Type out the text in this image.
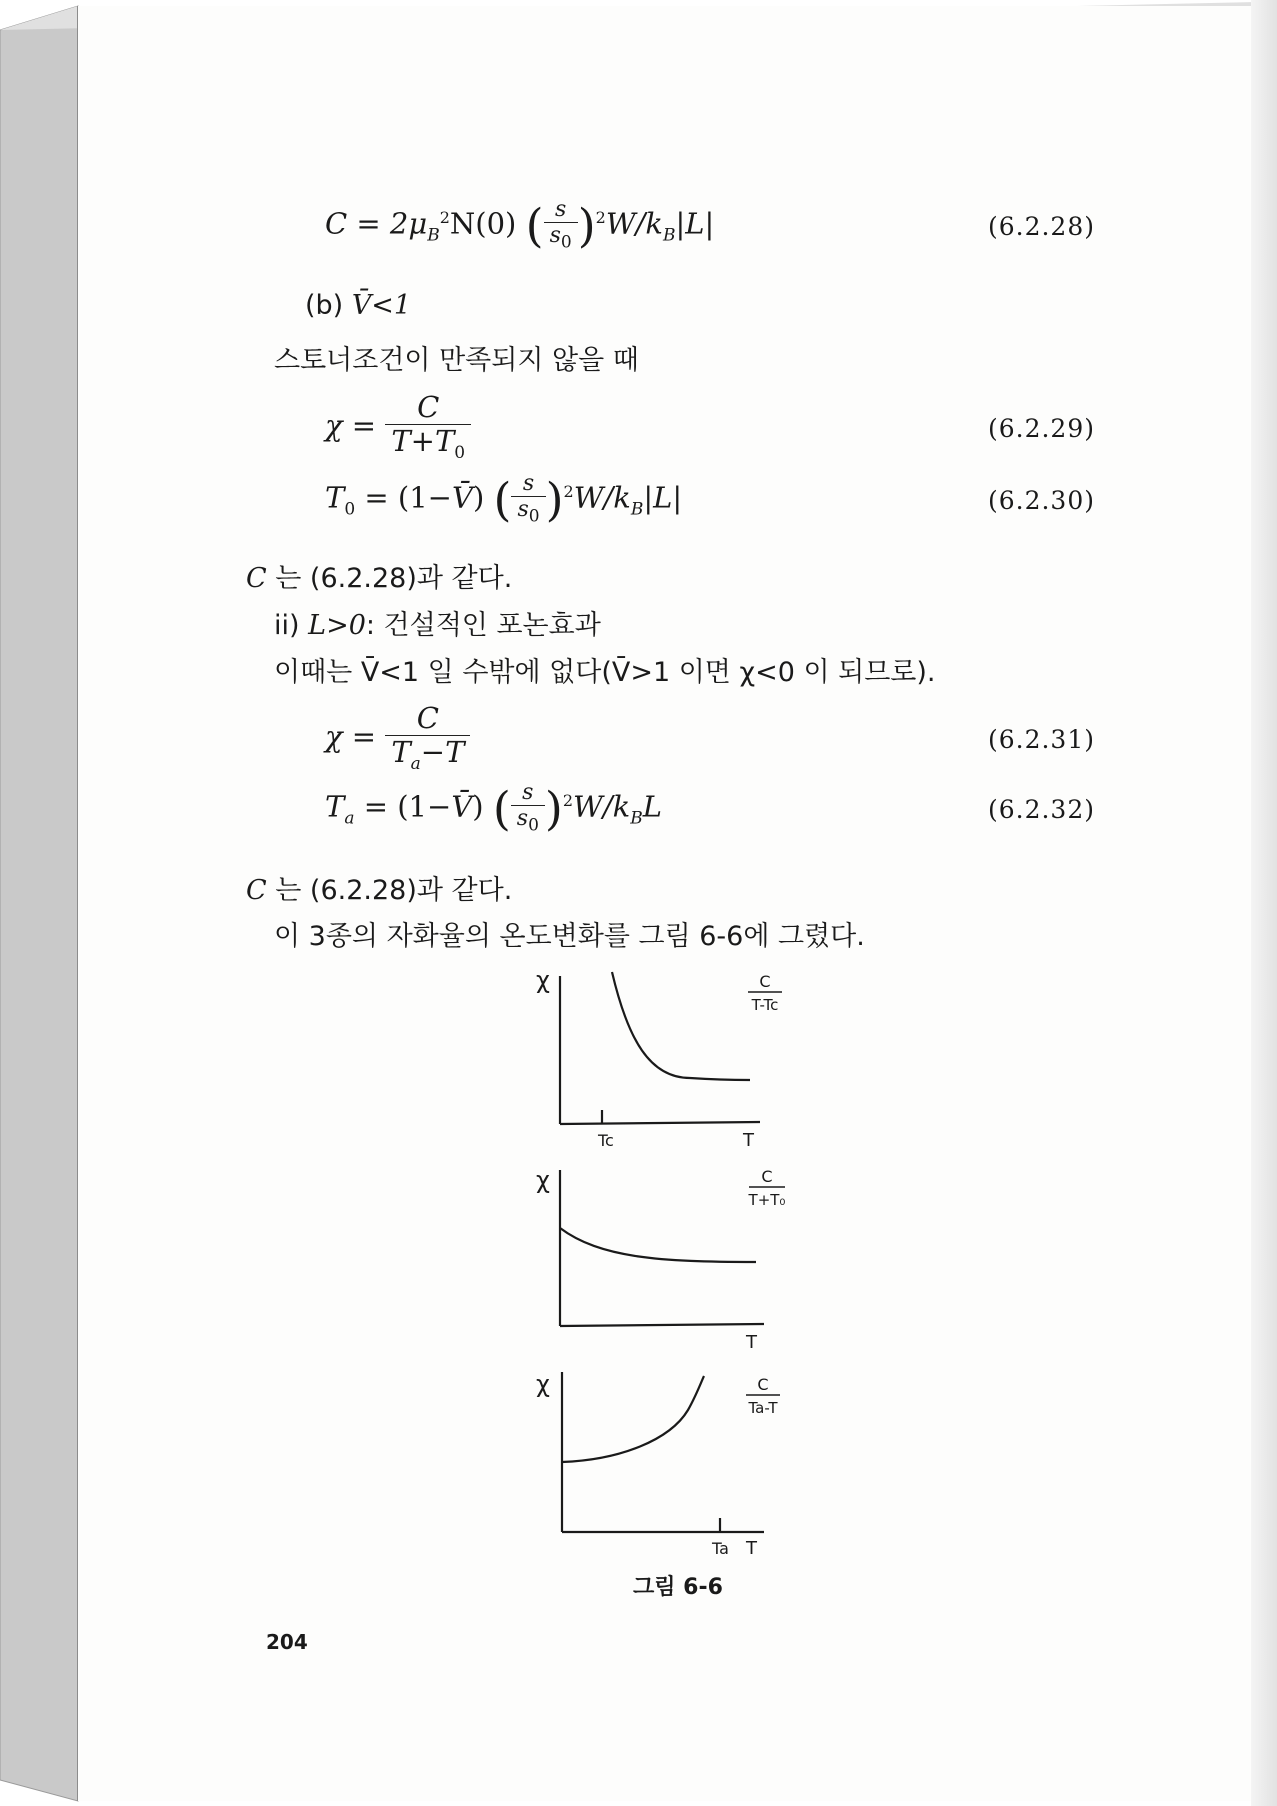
$C = 2\mu_B^2N(0)$ ( $\frac{s}{s_0} )^2W/k_B|L|$	(6.2.28)
(b) V̄<1
스토너조건이 만족되지 않을 때
$\chi = \frac{C}{T+T_0}$	(6.2.29)
$T_0$ = (1−V̄) ( $\frac{s}{s_0} )^2W/k_B|L|$	(6.2.30)
C 는 (6.2.28)과 같다.
ii) L>0: 건설적인 포논효과
이때는 V̄<1 일 수밖에 없다(V̄>1 이면 χ<0 이 되므로).
$\chi = \frac{C}{T_a-T}$	(6.2.31)
$T_a$ = (1−V̄) ( $\frac{s}{s_0} )^2W/k_BL$	(6.2.32)
C 는 (6.2.28)과 같다.
이 3종의 자화율의 온도변화를 그림 6-6에 그렸다.
χ
Tc	T
C
T-Tc
χ
T
C
T+T₀
χ
Ta T
C
Ta-T
그림 6-6
204
